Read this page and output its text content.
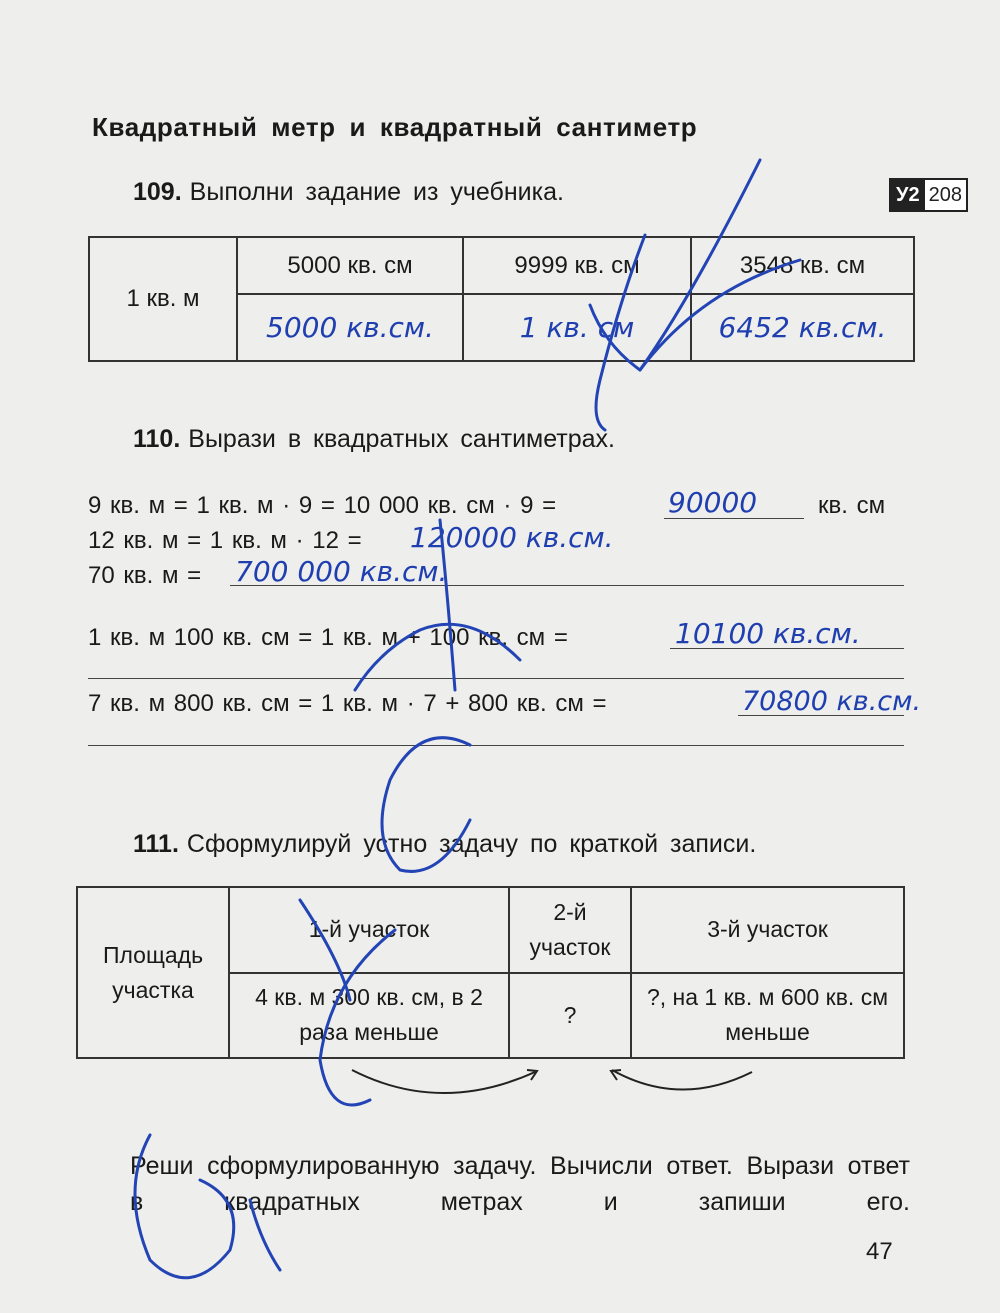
Квадратный метр и квадратный сантиметр
У2 208
109. Выполни задание из учебника.
1 кв. м	5000 кв. см	9999 кв. см	3548 кв. см
	5000 кв.см.	1 кв. см	6452 кв.см.
110. Вырази в квадратных сантиметрах.
9 кв. м = 1 кв. м · 9 = 10 000 кв. см · 9 =	90000	кв. см
12 кв. м = 1 кв. м · 12 = 120000 кв.см.
70 кв. м = 700 000 кв.см.
1 кв. м 100 кв. см = 1 кв. м + 100 кв. см =	10100 кв.см.
7 кв. м 800 кв. см = 1 кв. м · 7 + 800 кв. см =	70800 кв.см.
111. Сформулируй устно задачу по краткой записи.
Площадь участка	1-й участок	2-й участок	3-й участок
	4 кв. м 300 кв. см, в 2 раза меньше	?	?, на 1 кв. м 600 кв. см меньше
Реши сформулированную задачу. Вычисли ответ. Вырази ответ в квадратных метрах и запиши его.
47
